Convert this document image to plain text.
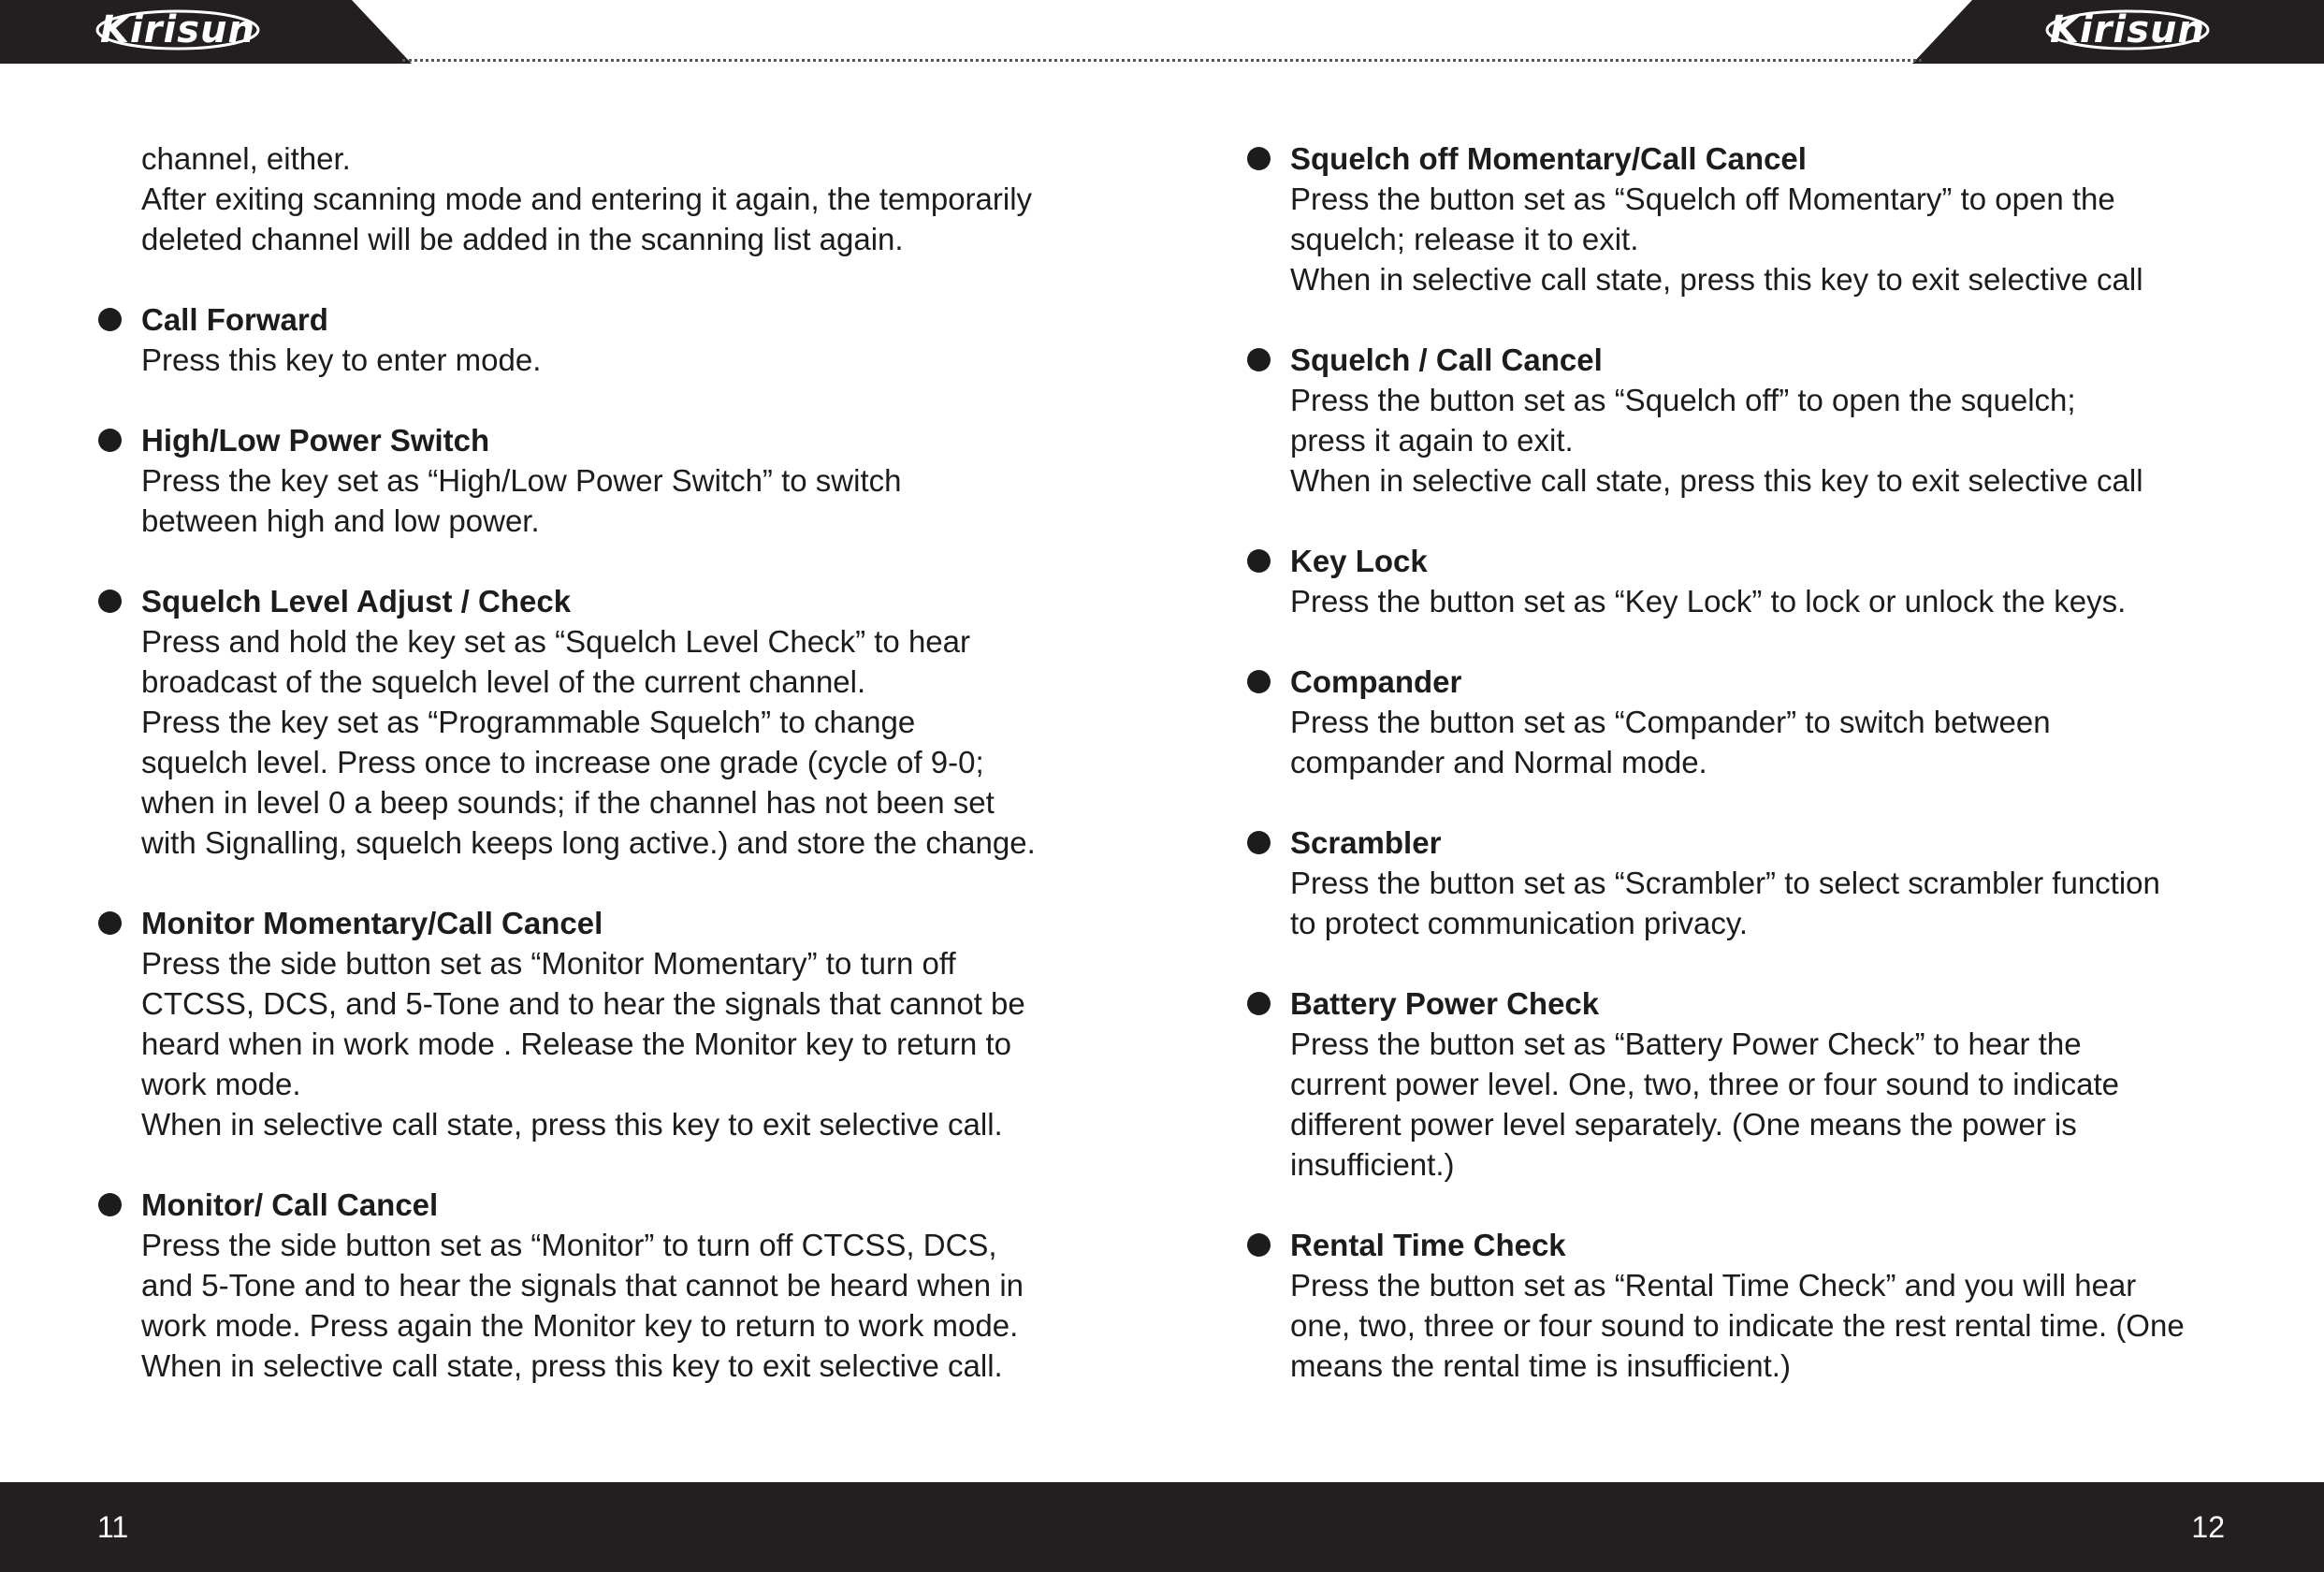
Kirisun	Kirisun

channel, either.

After exiting scanning mode and entering it again, the temporarily

deleted channel will be added in the scanning list again.

Call Forward

Press this key to enter mode.

High/Low Power Switch

Press the key set as “High/Low Power Switch” to switch

between high and low power.

Squelch Level Adjust / Check

Press and hold the key set as “Squelch Level Check” to hear

broadcast of the squelch level of the current channel.

Press the key set as “Programmable Squelch” to change

squelch level. Press once to increase one grade (cycle of 9-0;

when in level 0 a beep sounds; if the channel has not been set

with Signalling, squelch keeps long active.) and store the change.

Monitor Momentary/Call Cancel

Press the side button set as “Monitor Momentary” to turn off

CTCSS, DCS, and 5-Tone and to hear the signals that cannot be

heard when in work mode . Release the Monitor key to return to

work mode.

When in selective call state, press this key to exit selective call.

Monitor/ Call Cancel

Press the side button set as “Monitor” to turn off CTCSS, DCS,

and 5-Tone and to hear the signals that cannot be heard when in

work mode. Press again the Monitor key to return to work mode.

When in selective call state, press this key to exit selective call.

Squelch off Momentary/Call Cancel

Press the button set as “Squelch off Momentary” to open the

squelch; release it to exit.

When in selective call state, press this key to exit selective call

Squelch / Call Cancel

Press the button set as “Squelch off” to open the squelch;

press it again to exit.

When in selective call state, press this key to exit selective call

Key Lock

Press the button set as “Key Lock” to lock or unlock the keys.

Compander

Press the button set as “Compander” to switch between

compander and Normal mode.

Scrambler

Press the button set as “Scrambler” to select scrambler function

to protect communication privacy.

Battery Power Check

Press the button set as “Battery Power Check” to hear the

current power level. One, two, three or four sound to indicate

different power level separately. (One means the power is

insufficient.)

Rental Time Check

Press the button set as “Rental Time Check” and you will hear

one, two, three or four sound to indicate the rest rental time. (One

means the rental time is insufficient.)

11	12
